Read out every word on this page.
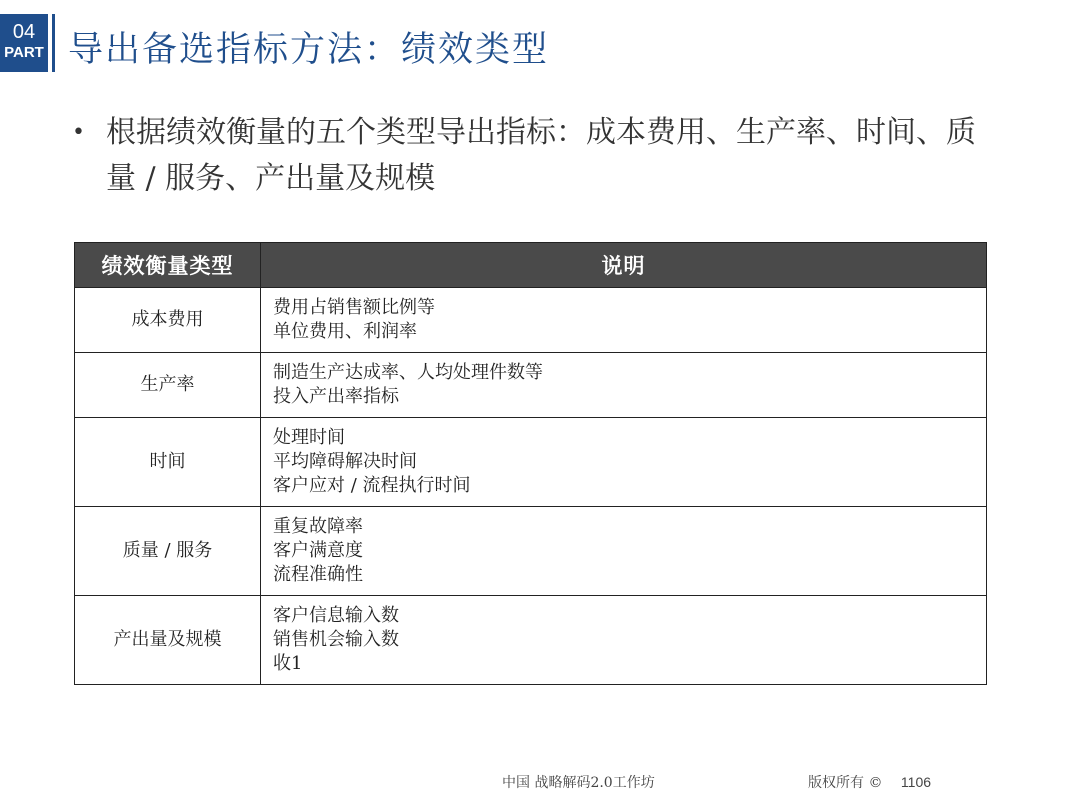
04
PART 导出备选指标方法：绩效类型
• 根据绩效衡量的五个类型导出指标：成本费用、生产率、时间、质量 / 服务、产出量及规模
绩效衡量类型	说明
成本费用	费用占销售额比例等
单位费用、利润率

生产率	制造生产达成率、人均处理件数等
投入产出率指标

时间	处理时间
平均障碍解决时间
客户应对 / 流程执行时间

质量 / 服务	重复故障率
客户满意度
流程准确性

产出量及规模	客户信息输入数
销售机会输入数
收1
中国 战略解码2.0工作坊	版权所有 © 1106
